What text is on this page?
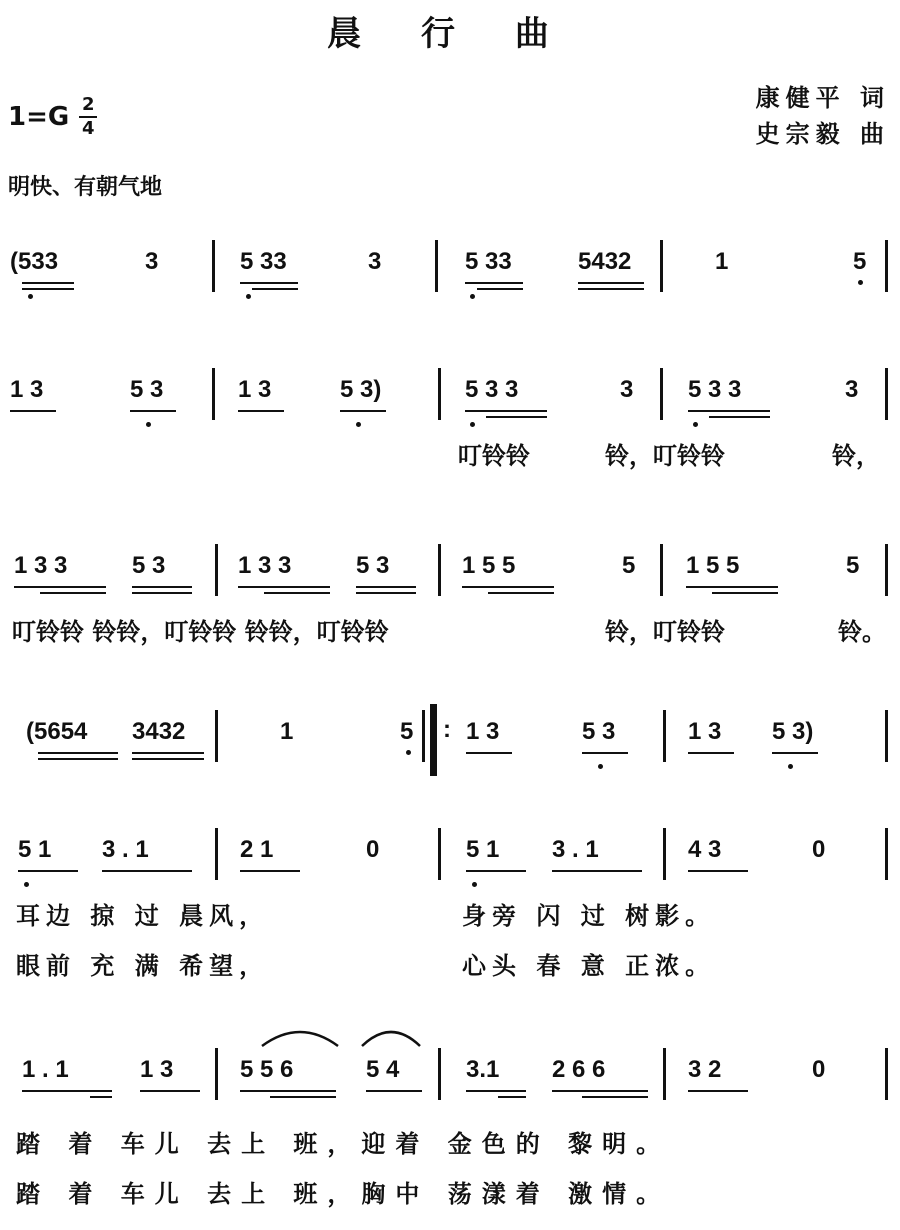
晨 行 曲
$1=G \frac{2}{4}$	康健平 词
史宗毅 曲
明快、有朝气地
(533	3	5 33	3	5 33	5432	1	5
1 3	5 3	1 3	5 3)	5 3 3	3 5 3 3	3
叮铃铃	铃，叮铃铃	铃，
1 3 3	5 3	1 3 3	5 3	1 5 5	5 1 5 5	5
叮铃铃 铃铃，叮铃铃 铃铃，叮铃铃	铃，叮铃铃	铃。
(5654 3432	1	5 : 1 3	5 3	1 3 5 3)
5 1 3 . 1	2 1	0	5 1 3 . 1	4 3	0
耳边 掠 过 晨风，	身旁 闪 过 树影。
眼前 充 满 希望，	心头 春 意 正浓。
1 . 1	1 3	5 5 6	5 4	3.1 2 6 6	3 2	0
踏 着 车儿 去上 班，迎着 金色的 黎明。
踏 着 车儿 去上 班，胸中 荡漾着 激情。
